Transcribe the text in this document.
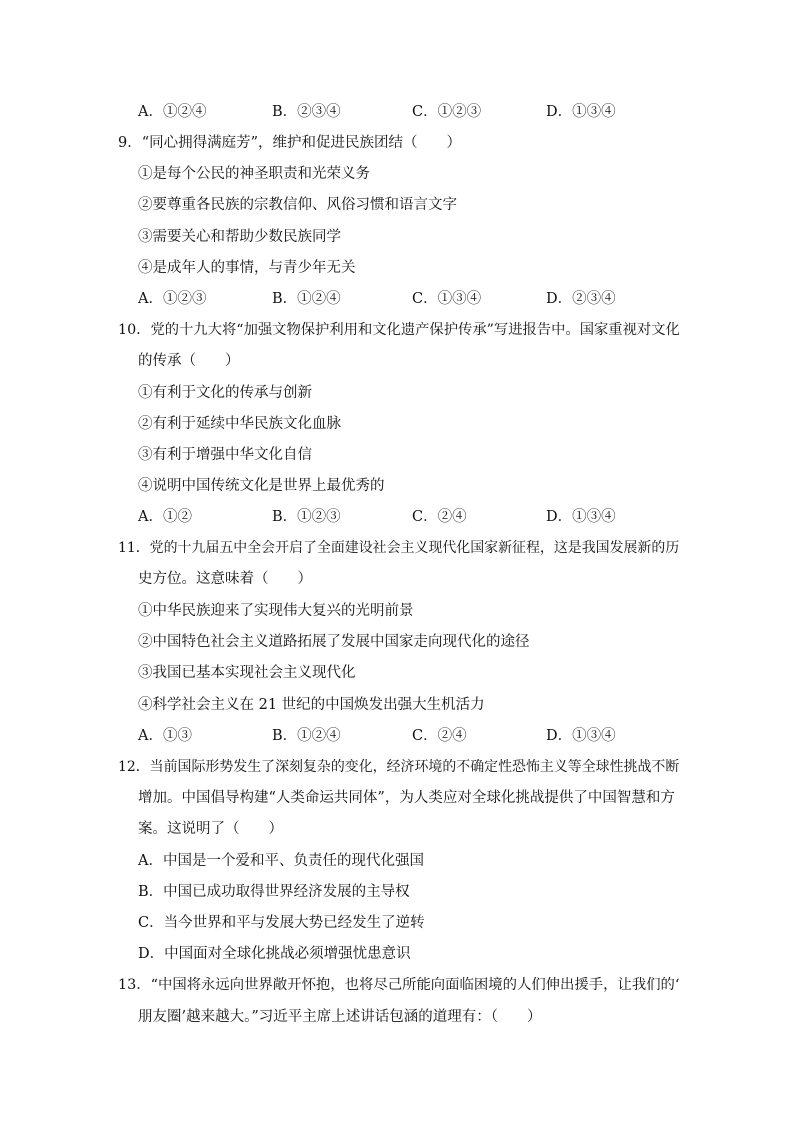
A．①②④	B．②③④	C．①②③	D．①③④
9．“同心拥得满庭芳”，维护和促进民族团结（　　）
①是每个公民的神圣职责和光荣义务
②要尊重各民族的宗教信仰、风俗习惯和语言文字
③需要关心和帮助少数民族同学
④是成年人的事情，与青少年无关
A．①②③	B．①②④	C．①③④	D．②③④
10．党的十九大将“加强文物保护利用和文化遗产保护传承”写进报告中。国家重视对文化
的传承（　　）
①有利于文化的传承与创新
②有利于延续中华民族文化血脉
③有利于增强中华文化自信
④说明中国传统文化是世界上最优秀的
A．①②	B．①②③	C．②④	D．①③④
11．党的十九届五中全会开启了全面建设社会主义现代化国家新征程，这是我国发展新的历
史方位。这意味着（　　）
①中华民族迎来了实现伟大复兴的光明前景
②中国特色社会主义道路拓展了发展中国家走向现代化的途径
③我国已基本实现社会主义现代化
④科学社会主义在 21 世纪的中国焕发出强大生机活力
A．①③	B．①②④	C．②④	D．①③④
12．当前国际形势发生了深刻复杂的变化，经济环境的不确定性恐怖主义等全球性挑战不断
增加。中国倡导构建“人类命运共同体”，为人类应对全球化挑战提供了中国智慧和方
案。这说明了（　　）
A．中国是一个爱和平、负责任的现代化强国
B．中国已成功取得世界经济发展的主导权
C．当今世界和平与发展大势已经发生了逆转
D．中国面对全球化挑战必须增强忧患意识
13．“中国将永远向世界敞开怀抱，也将尽己所能向面临困境的人们伸出援手，让我们的‘
朋友圈’越来越大。”习近平主席上述讲话包涵的道理有：（　　）
